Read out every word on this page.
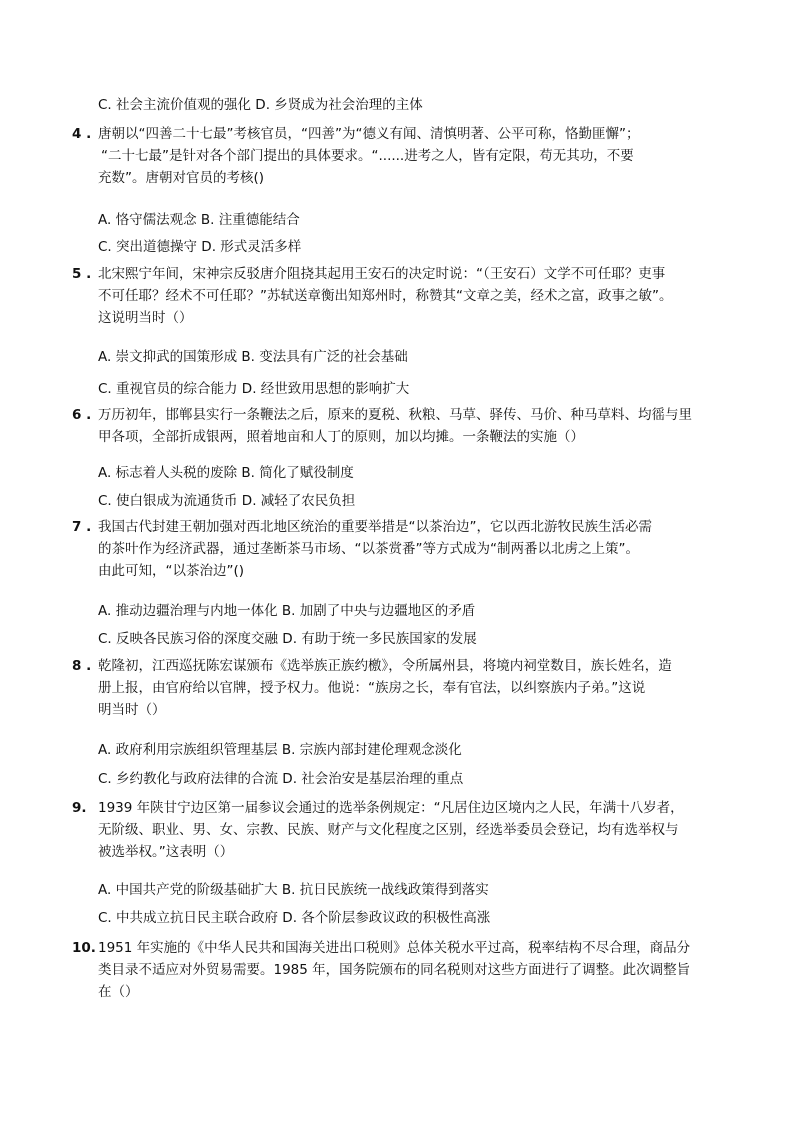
C. 社会主流价值观的强化 D. 乡贤成为社会治理的主体
4 . 唐朝以“四善二十七最”考核官员，“四善”为“德义有闻、清慎明著、公平可称，恪勤匪懈”；
“二十七最”是针对各个部门提出的具体要求。“......进考之人，皆有定限，苟无其功，不要
充数”。唐朝对官员的考核()
A. 恪守儒法观念 B. 注重德能结合
C. 突出道德操守 D. 形式灵活多样
5 . 北宋熙宁年间，宋神宗反驳唐介阻挠其起用王安石的决定时说：“（王安石）文学不可任耶？吏事
不可任耶？经术不可任耶？”苏轼送章衡出知郑州时，称赞其“文章之美，经术之富，政事之敏”。
这说明当时（）
A. 崇文抑武的国策形成 B. 变法具有广泛的社会基础
C. 重视官员的综合能力 D. 经世致用思想的影响扩大
6 . 万历初年，邯郸县实行一条鞭法之后，原来的夏税、秋粮、马草、驿传、马价、种马草料、均徭与里
甲各项，全部折成银两，照着地亩和人丁的原则，加以均摊。一条鞭法的实施（）
A. 标志着人头税的废除 B. 简化了赋役制度
C. 使白银成为流通货币 D. 减轻了农民负担
7 . 我国古代封建王朝加强对西北地区统治的重要举措是“以茶治边”，它以西北游牧民族生活必需
的茶叶作为经济武器，通过垄断茶马市场、“以茶赏番”等方式成为“制两番以北虏之上策”。
由此可知，“以茶治边”()
A. 推动边疆治理与内地一体化 B. 加剧了中央与边疆地区的矛盾
C. 反映各民族习俗的深度交融 D. 有助于统一多民族国家的发展
8 . 乾隆初，江西巡抚陈宏谋颁布《选举族正族约檄》，令所属州县，将境内祠堂数目，族长姓名，造
册上报，由官府给以官牌，授予权力。他说：“族房之长，奉有官法，以纠察族内子弟。”这说
明当时（）
A. 政府利用宗族组织管理基层 B. 宗族内部封建伦理观念淡化
C. 乡约教化与政府法律的合流 D. 社会治安是基层治理的重点
9. 1939 年陕甘宁边区第一届参议会通过的选举条例规定：“凡居住边区境内之人民，年满十八岁者，
无阶级、职业、男、女、宗教、民族、财产与文化程度之区别，经选举委员会登记，均有选举权与
被选举权。”这表明（）
A. 中国共产党的阶级基础扩大 B. 抗日民族统一战线政策得到落实
C. 中共成立抗日民主联合政府 D. 各个阶层参政议政的积极性高涨
10. 1951 年实施的《中华人民共和国海关进出口税则》总体关税水平过高，税率结构不尽合理，商品分
类目录不适应对外贸易需要。1985 年，国务院颁布的同名税则对这些方面进行了调整。此次调整旨
在（）
